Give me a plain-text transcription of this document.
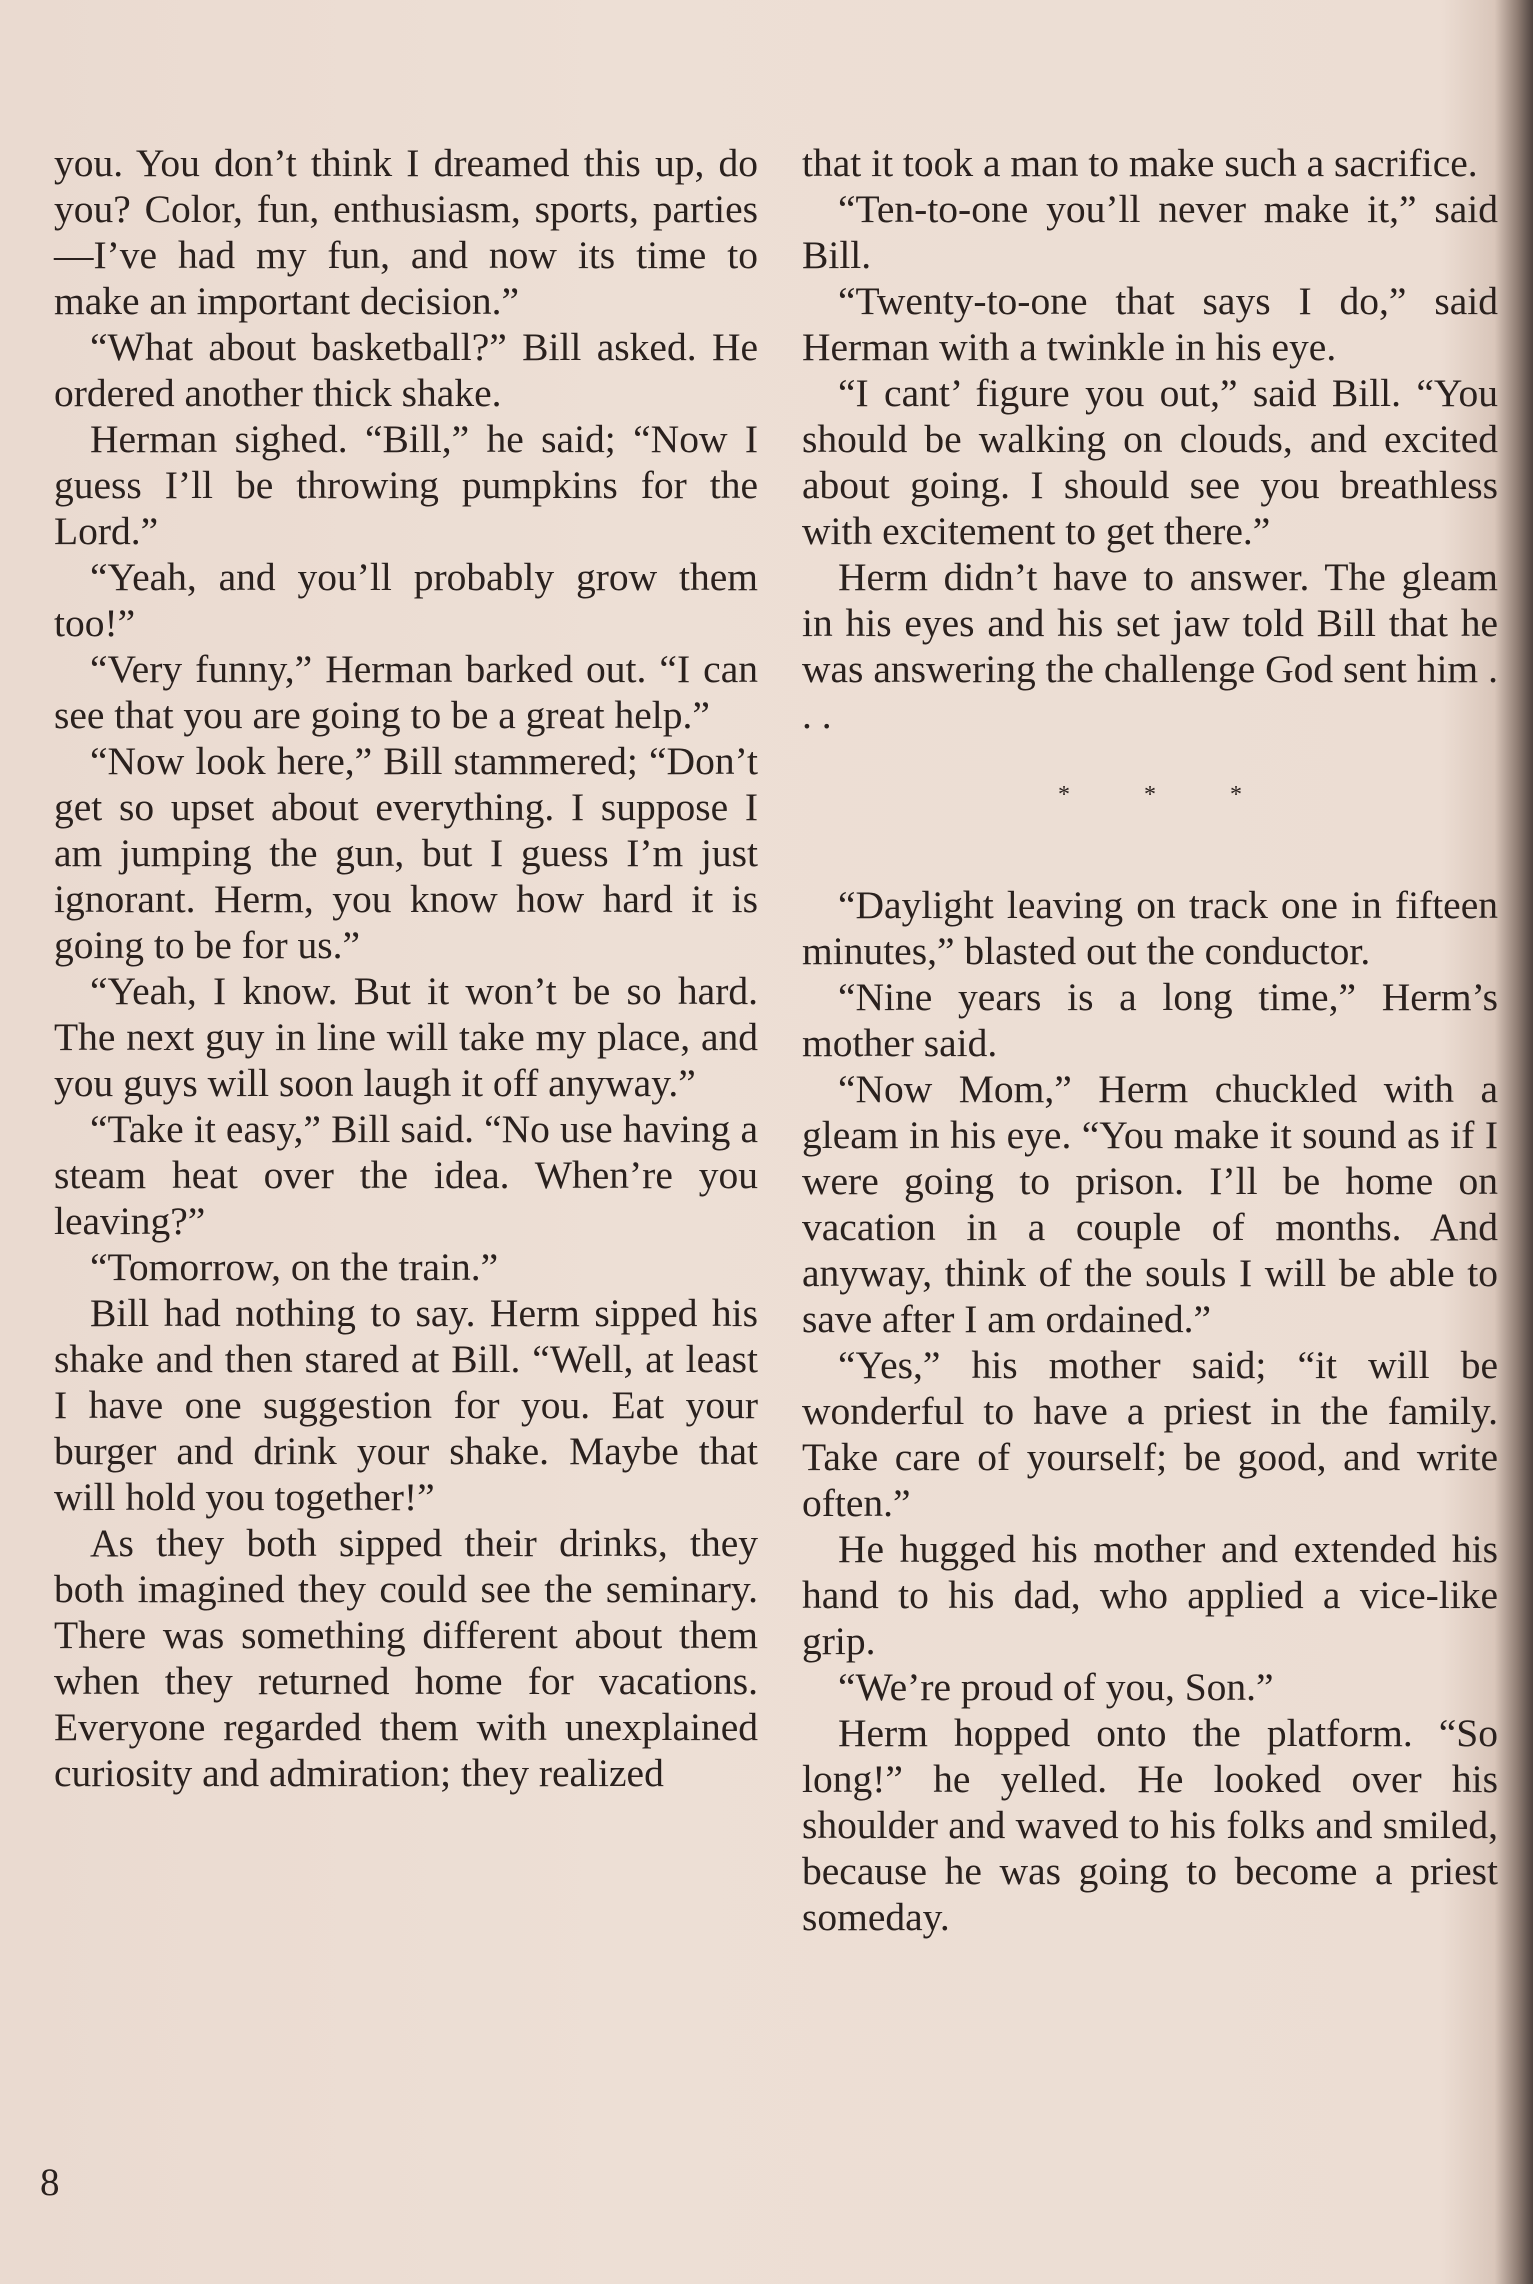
you. You don’t think I dreamed this up, do you? Color, fun, enthusiasm, sports, parties—I’ve had my fun, and now its time to make an important decision.”

“What about basketball?” Bill asked. He ordered another thick shake.

Herman sighed. “Bill,” he said; “Now I guess I’ll be throwing pumpkins for the Lord.”

“Yeah, and you’ll probably grow them too!”

“Very funny,” Herman barked out. “I can see that you are going to be a great help.”

“Now look here,” Bill stammered; “Don’t get so upset about everything. I suppose I am jumping the gun, but I guess I’m just ignorant. Herm, you know how hard it is going to be for us.”

“Yeah, I know. But it won’t be so hard. The next guy in line will take my place, and you guys will soon laugh it off anyway.”

“Take it easy,” Bill said. “No use having a steam heat over the idea. When’re you leaving?”

“Tomorrow, on the train.”

Bill had nothing to say. Herm sipped his shake and then stared at Bill. “Well, at least I have one suggestion for you. Eat your burger and drink your shake. Maybe that will hold you together!”

As they both sipped their drinks, they both imagined they could see the seminary. There was something different about them when they returned home for vacations. Everyone regarded them with unexplained curiosity and admiration; they realized

that it took a man to make such a sacrifice.

“Ten-to-one you’ll never make it,” said Bill.

“Twenty-to-one that says I do,” said Herman with a twinkle in his eye.

“I cant’ figure you out,” said Bill. “You should be walking on clouds, and excited about going. I should see you breathless with excitement to get there.”

Herm didn’t have to answer. The gleam in his eyes and his set jaw told Bill that he was answering the challenge God sent him . . .

* * *

“Daylight leaving on track one in fifteen minutes,” blasted out the conductor.

“Nine years is a long time,” Herm’s mother said.

“Now Mom,” Herm chuckled with a gleam in his eye. “You make it sound as if I were going to prison. I’ll be home on vacation in a couple of months. And anyway, think of the souls I will be able to save after I am ordained.”

“Yes,” his mother said; “it will be wonderful to have a priest in the family. Take care of yourself; be good, and write often.”

He hugged his mother and extended his hand to his dad, who applied a vice-like grip.

“We’re proud of you, Son.”

Herm hopped onto the platform. “So long!” he yelled. He looked over his shoulder and waved to his folks and smiled, because he was going to become a priest someday.

8
